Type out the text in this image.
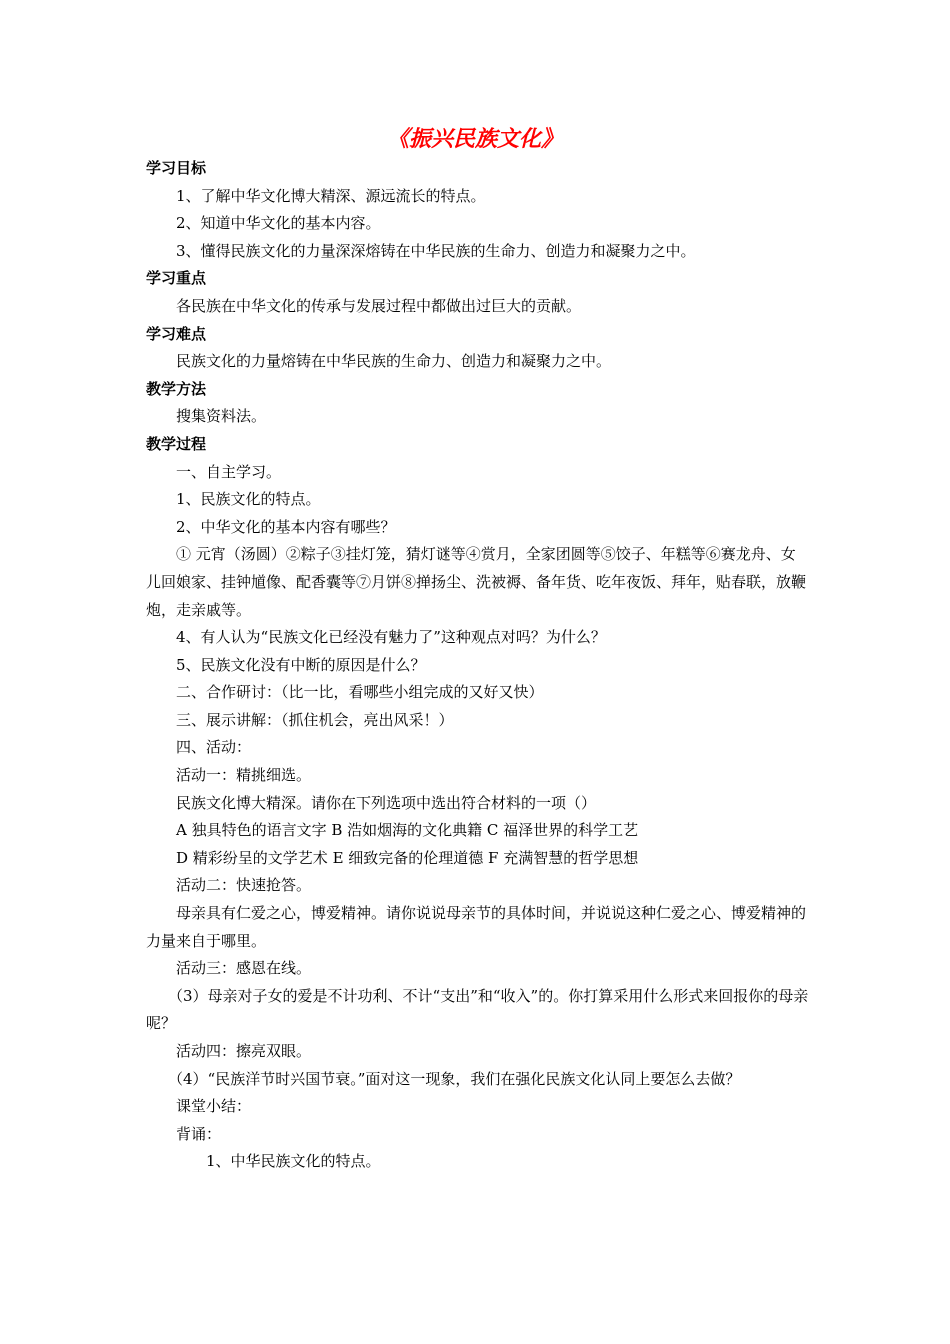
《振兴民族文化》
学习目标
1、了解中华文化博大精深、源远流长的特点。
2、知道中华文化的基本内容。
3、懂得民族文化的力量深深熔铸在中华民族的生命力、创造力和凝聚力之中。
学习重点
各民族在中华文化的传承与发展过程中都做出过巨大的贡献。
学习难点
民族文化的力量熔铸在中华民族的生命力、创造力和凝聚力之中。
教学方法
搜集资料法。
教学过程
一、自主学习。
1、民族文化的特点。
2、中华文化的基本内容有哪些？
① 元宵（汤圆）②粽子③挂灯笼，猜灯谜等④赏月，全家团圆等⑤饺子、年糕等⑥赛龙舟、女儿回娘家、挂钟馗像、配香囊等⑦月饼⑧掸扬尘、洗被褥、备年货、吃年夜饭、拜年，贴春联，放鞭炮，走亲戚等。
4、有人认为“民族文化已经没有魅力了”这种观点对吗？为什么？
5、民族文化没有中断的原因是什么？
二、合作研讨：（比一比，看哪些小组完成的又好又快）
三、展示讲解：（抓住机会，亮出风采！）
四、活动：
活动一：精挑细选。
民族文化博大精深。请你在下列选项中选出符合材料的一项（）
A 独具特色的语言文字 B 浩如烟海的文化典籍 C 福泽世界的科学工艺
D 精彩纷呈的文学艺术 E 细致完备的伦理道德 F 充满智慧的哲学思想
活动二：快速抢答。
母亲具有仁爱之心，博爱精神。请你说说母亲节的具体时间，并说说这种仁爱之心、博爱精神的力量来自于哪里。
活动三：感恩在线。
（3）母亲对子女的爱是不计功利、不计“支出”和“收入”的。你打算采用什么形式来回报你的母亲呢？
活动四：擦亮双眼。
（4）“民族洋节时兴国节衰。”面对这一现象，我们在强化民族文化认同上要怎么去做？
课堂小结：
背诵：
1、中华民族文化的特点。
